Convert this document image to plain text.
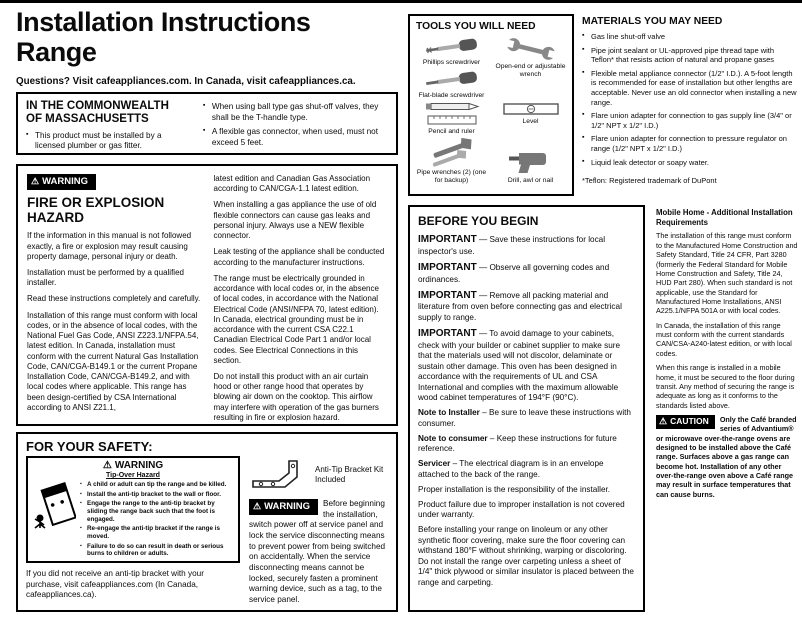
Installation Instructions
Range
Questions? Visit cafeappliances.com. In Canada, visit cafeappliances.ca.
IN THE COMMONWEALTH
OF MASSACHUSETTS
▪ This product must be installed by a licensed plumber or gas fitter.
▪ When using ball type gas shut-off valves, they shall be the T-handle type.
▪ A flexible gas connector, when used, must not exceed 5 feet.
⚠ WARNING
FIRE OR EXPLOSION HAZARD

If the information in this manual is not followed exactly, a fire or explosion may result causing property damage, personal injury or death.

Installation must be performed by a qualified installer.

Read these instructions completely and carefully.

Installation of this range must conform with local codes, or in the absence of local codes, with the National Fuel Gas Code, ANSI Z223.1/NFPA.54, latest edition. In Canada, installation must conform with the current Natural Gas Installation Code, CAN/CGA-B149.1 or the current Propane Installation Code, CAN/CGA-B149.2, and with local codes where applicable. This range has been design-certified by CSA International according to ANSI Z21.1,

latest edition and Canadian Gas Association according to CAN/CGA-1.1 latest edition.

When installing a gas appliance the use of old flexible connectors can cause gas leaks and personal injury. Always use a NEW flexible connector.

Leak testing of the appliance shall be conducted according to the manufacturer instructions.

The range must be electrically grounded in accordance with local codes or, in the absence of local codes, in accordance with the National Electrical Code (ANSI/NFPA 70, latest edition). In Canada, electrical grounding must be in accordance with the current CSA C22.1 Canadian Electrical Code Part 1 and/or local codes. See Electrical Connections in this section.

Do not install this product with an air curtain hood or other range hood that operates by blowing air down on the cooktop. This airflow may interfere with operation of the gas burners resulting in fire or explosion hazard.

FOR YOUR SAFETY:
⚠ WARNING
Tip-Over Hazard
▪ A child or adult can tip the range and be killed.
▪ Install the anti-tip bracket to the wall or floor.
▪ Engage the range to the anti-tip bracket by sliding the range back such that the foot is engaged.
▪ Re-engage the anti-tip bracket if the range is moved.
▪ Failure to do so can result in death or serious burns to children or adults.
If you did not receive an anti-tip bracket with your purchase, visit cafeappliances.com (In Canada, cafeappliances.ca).
Anti-Tip Bracket Kit Included
⚠ WARNING	Before beginning the installation, switch power off at service panel and lock the service disconnecting means to prevent power from being switched on accidentally. When the service disconnecting means cannot be locked, securely fasten a prominent warning device, such as a tag, to the service panel.
TOOLS YOU WILL NEED
Phillips screwdriver
Flat-blade screwdriver
Pencil and ruler
Pipe wrenches (2) (one for backup)
Open-end or adjustable wrench
Level
Drill, awl or nail
MATERIALS YOU MAY NEED
▪ Gas line shut-off valve
▪ Pipe joint sealant or UL-approved pipe thread tape with Teflon* that resists action of natural and propane gases
▪ Flexible metal appliance connector (1/2" I.D.). A 5-foot length is recommended for ease of installation but other lengths are acceptable. Never use an old connector when installing a new range.
▪ Flare union adapter for connection to gas supply line (3/4" or 1/2" NPT x 1/2" I.D.)
▪ Flare union adapter for connection to pressure regulator on range (1/2" NPT x 1/2" I.D.)
▪ Liquid leak detector or soapy water.
*Teflon: Registered trademark of DuPont
BEFORE YOU BEGIN
IMPORTANT — Save these instructions for local inspector's use.
IMPORTANT — Observe all governing codes and ordinances.
IMPORTANT — Remove all packing material and literature from oven before connecting gas and electrical supply to range.
IMPORTANT — To avoid damage to your cabinets, check with your builder or cabinet supplier to make sure that the materials used will not discolor, delaminate or sustain other damage. This oven has been designed in accordance with the requirements of UL and CSA International and complies with the maximum allowable wood cabinet temperatures of 194°F (90°C).
Note to Installer – Be sure to leave these instructions with consumer.
Note to consumer – Keep these instructions for future reference.
Servicer – The electrical diagram is in an envelope attached to the back of the range.
Proper installation is the responsibility of the installer.
Product failure due to improper installation is not covered under warranty.
Before installing your range on linoleum or any other synthetic floor covering, make sure the floor covering can withstand 180°F without shrinking, warping or discoloring. Do not install the range over carpeting unless a sheet of 1/4" thick plywood or similar insulator is placed between the range and carpeting.
Mobile Home - Additional Installation Requirements

The installation of this range must conform to the Manufactured Home Construction and Safety Standard, Title 24 CFR, Part 3280 (formerly the Federal Standard for Mobile Home Construction and Safety, Title 24, HUD Part 280). When such standard is not applicable, use the Standard for Manufactured Home Installations, ANSI A225.1/NFPA 501A or with local codes.

In Canada, the installation of this range must conform with the current standards CAN/CSA-A240-latest edition, or with local codes.

When this range is installed in a mobile home, it must be secured to the floor during transit. Any method of securing the range is adequate as long as it conforms to the standards listed above.

⚠ CAUTION	Only the Café branded series of Advantium® or microwave over-the-range ovens are designed to be installed above the Café range. Surfaces above a gas range can become hot. Installation of any other over-the-range oven above a Café range may result in surface temperatures that can cause burns.
